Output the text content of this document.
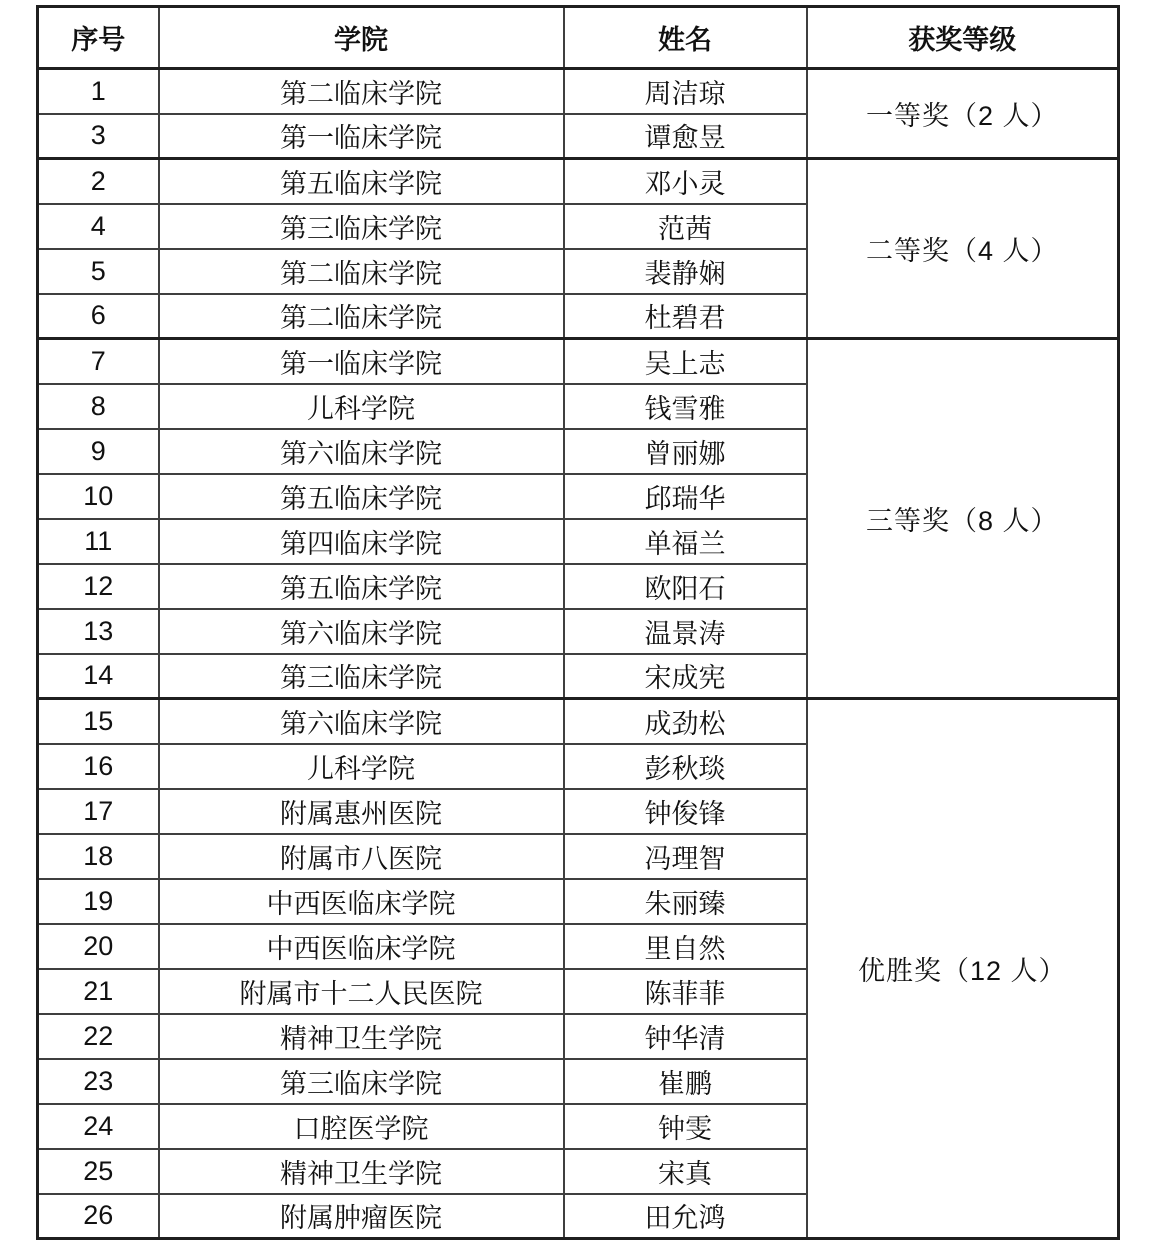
序号	学院	姓名	获奖等级
1	第二临床学院	周洁琼	一等奖（2 人）
3	第一临床学院	谭愈昱	
2	第五临床学院	邓小灵	二等奖（4 人）
4	第三临床学院	范茜	
5	第二临床学院	裴静娴	
6	第二临床学院	杜碧君	
7	第一临床学院	吴上志	三等奖（8 人）
8	儿科学院	钱雪雅	
9	第六临床学院	曾丽娜	
10	第五临床学院	邱瑞华	
11	第四临床学院	单福兰	
12	第五临床学院	欧阳石	
13	第六临床学院	温景涛	
14	第三临床学院	宋成宪	
15	第六临床学院	成劲松	优胜奖（12 人）
16	儿科学院	彭秋琰	
17	附属惠州医院	钟俊锋	
18	附属市八医院	冯理智	
19	中西医临床学院	朱丽臻	
20	中西医临床学院	里自然	
21	附属市十二人民医院	陈菲菲	
22	精神卫生学院	钟华清	
23	第三临床学院	崔鹏	
24	口腔医学院	钟雯	
25	精神卫生学院	宋真	
26	附属肿瘤医院	田允鸿	
